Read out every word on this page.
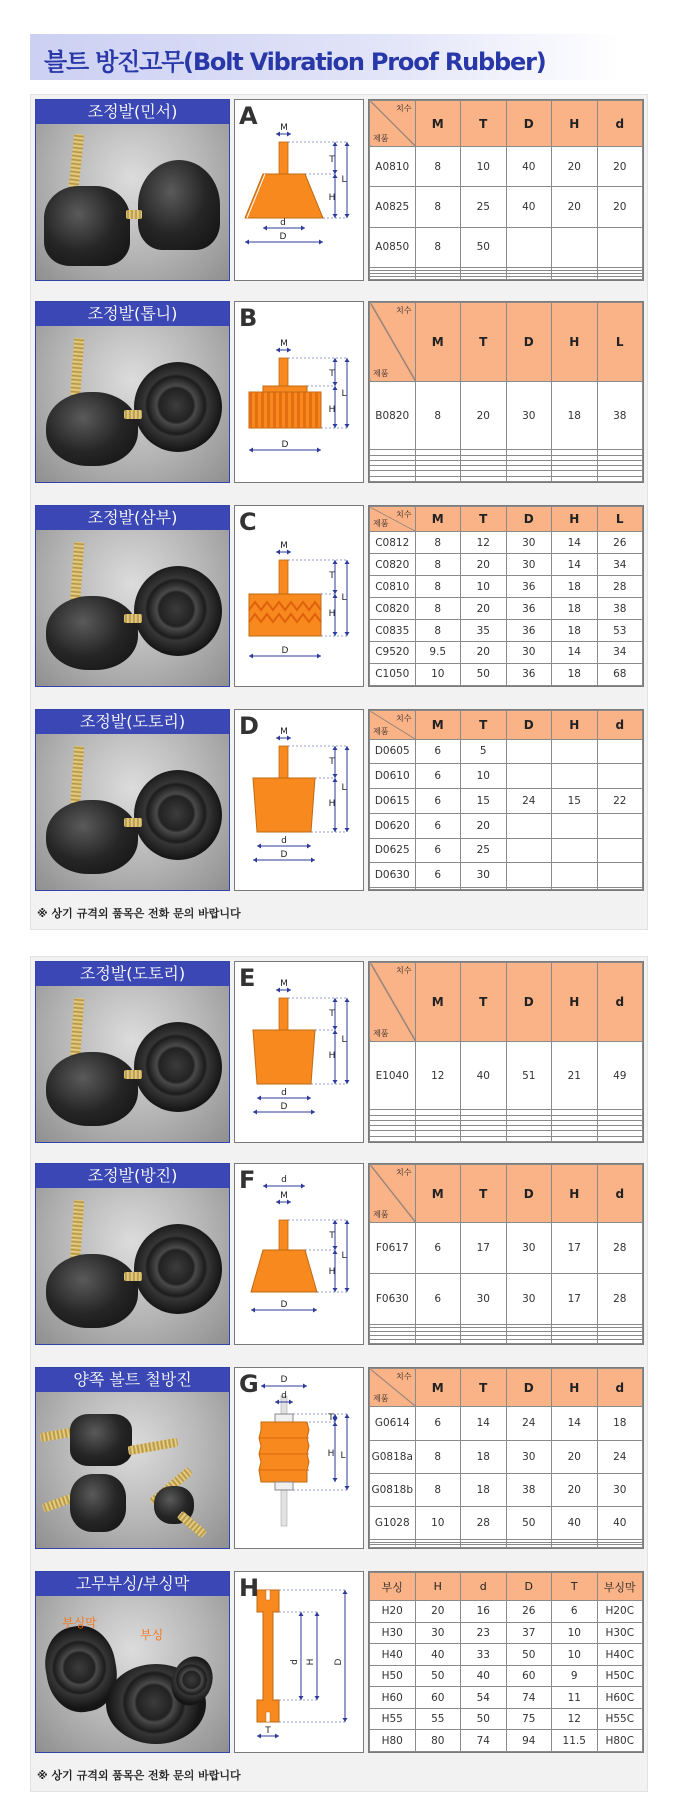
블트 방진고무(Bolt Vibration Proof Rubber)
조정발(민서)
M
T
L
H
d
D
A	치수
제품	M	T	D	H	d
A0810	8	10	40	20	20
A0825	8	25	40	20	20
A0850	8	50			

조정발(톱니)
M
T
L
H
D
B	치수
제품	M	T	D	H	L
B0820	8	20	30	18	38

조정발(삼부)
M
T
L
H
D
C	치수
제품	M	T	D	H	L
C0812	8	12	30	14	26
C0820	8	20	30	14	34
C0810	8	10	36	18	28
C0820	8	20	36	18	38
C0835	8	35	36	18	53
C9520	9.5	20	30	14	34
C1050	10	50	36	18	68
조정발(도토리)
M
T
L
H
d
D
D	치수
제품	M	T	D	H	d
D0605	6	5			
D0610	6	10			
D0615	6	15	24	15	22
D0620	6	20			
D0625	6	25			
D0630	6	30			

※ 상기 규격외 품목은 전화 문의 바랍니다
조정발(도토리)
M
T
L
H
d
D
E	치수
제품	M	T	D	H	d
E1040	12	40	51	21	49

조정발(방진)	d
M
T
L
H
D
F	치수
제품	M	T	D	H	d
F0617	6	17	30	17	28
F0630	6	30	30	17	28

양쪽 볼트 철방진	D
d
T
L
H
G	치수
제품	M	T	D	H	d
G0614	6	14	24	14	18
G0818a	8	18	30	20	24
G0818b	8	18	38	20	30
G1028	10	28	50	40	40

고무부싱/부싱막
부싱막
부싱
d H D
T
H	부싱	H	d	D	T	부싱막
H20	20	16	26	6	H20C
H30	30	23	37	10	H30C
H40	40	33	50	10	H40C
H50	50	40	60	9	H50C
H60	60	54	74	11	H60C
H55	55	50	75	12	H55C
H80	80	74	94	11.5	H80C
※ 상기 규격외 품목은 전화 문의 바랍니다
